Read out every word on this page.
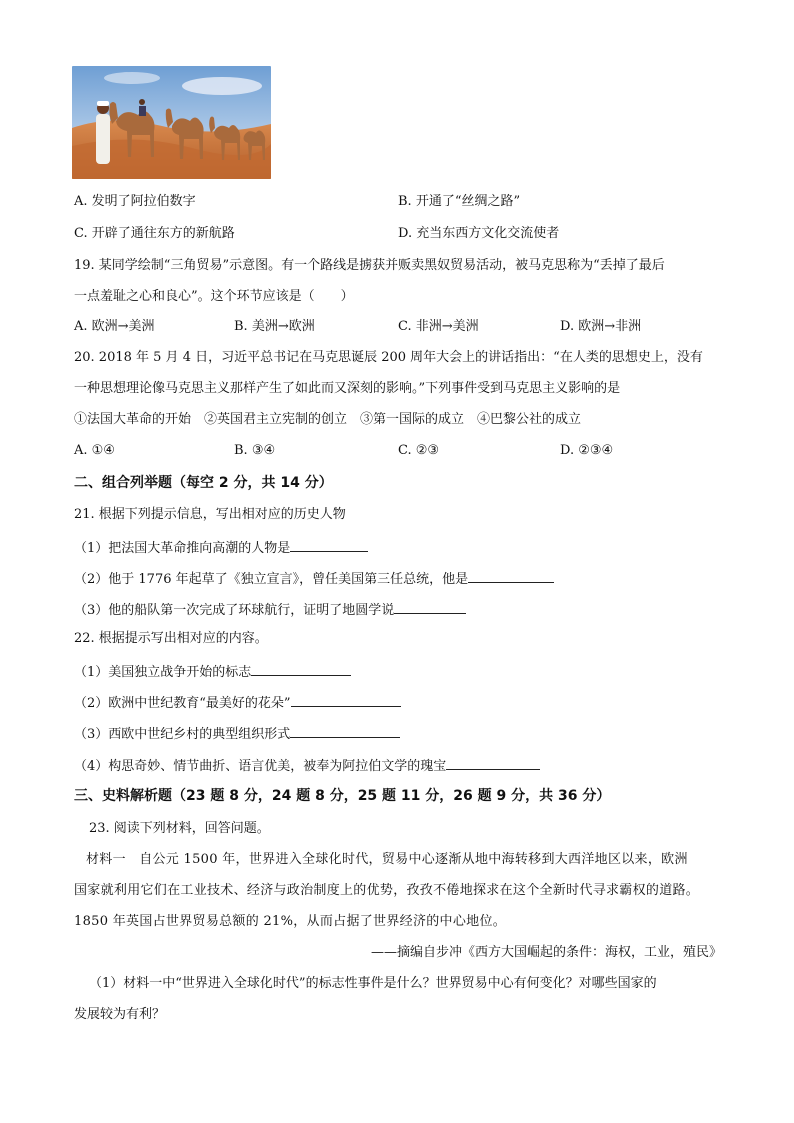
A. 发明了阿拉伯数字	B. 开通了“丝绸之路”
C. 开辟了通往东方的新航路	D. 充当东西方文化交流使者
19. 某同学绘制“三角贸易”示意图。有一个路线是掳获并贩卖黑奴贸易活动，被马克思称为“丢掉了最后
一点羞耻之心和良心”。这个环节应该是（　　）
A. 欧洲→美洲	B. 美洲→欧洲	C. 非洲→美洲	D. 欧洲→非洲
20. 2018 年 5 月 4 日，习近平总书记在马克思诞辰 200 周年大会上的讲话指出：“在人类的思想史上，没有
一种思想理论像马克思主义那样产生了如此而又深刻的影响。”下列事件受到马克思主义影响的是
①法国大革命的开始　②英国君主立宪制的创立　③第一国际的成立　④巴黎公社的成立
A. ①④	B. ③④	C. ②③	D. ②③④
二、组合列举题（每空 2 分，共 14 分）
21. 根据下列提示信息，写出相对应的历史人物
（1）把法国大革命推向高潮的人物是
（2）他于 1776 年起草了《独立宣言》，曾任美国第三任总统，他是
（3）他的船队第一次完成了环球航行，证明了地圆学说
22. 根据提示写出相对应的内容。
（1）美国独立战争开始的标志
（2）欧洲中世纪教育“最美好的花朵”
（3）西欧中世纪乡村的典型组织形式
（4）构思奇妙、情节曲折、语言优美，被奉为阿拉伯文学的瑰宝
三、史料解析题（23 题 8 分，24 题 8 分，25 题 11 分，26 题 9 分，共 36 分）
23. 阅读下列材料，回答问题。
材料一　自公元 1500 年，世界进入全球化时代，贸易中心逐渐从地中海转移到大西洋地区以来，欧洲
国家就利用它们在工业技术、经济与政治制度上的优势，孜孜不倦地探求在这个全新时代寻求霸权的道路。
1850 年英国占世界贸易总额的 21%，从而占据了世界经济的中心地位。
——摘编自步冲《西方大国崛起的条件：海权，工业，殖民》
（1）材料一中“世界进入全球化时代”的标志性事件是什么？世界贸易中心有何变化？对哪些国家的
发展较为有利？
